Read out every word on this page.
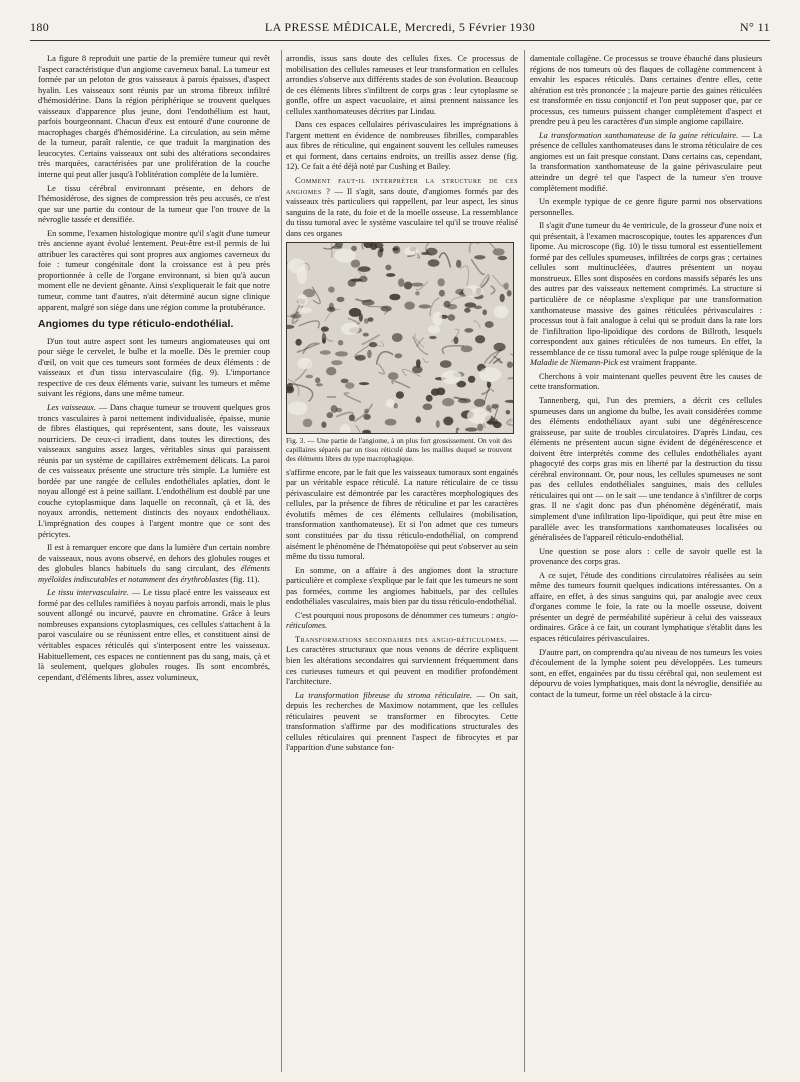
180	LA PRESSE MÉDICALE, Mercredi, 5 Février 1930	N° 11

La figure 8 reproduit une partie de la première tumeur qui revêt l'aspect caractéristique d'un angiome caverneux banal. La tumeur est formée par un peloton de gros vaisseaux à parois épaisses, d'aspect hyalin. Les vaisseaux sont réunis par un stroma fibreux infiltré d'hémosidérine. Dans la région périphérique se trouvent quelques vaisseaux d'apparence plus jeune, dont l'endothélium est haut, parfois bourgeonnant. Chacun d'eux est entouré d'une couronne de macrophages chargés d'hémosidérine. La circulation, au sein même de la tumeur, paraît ralentie, ce que traduit la margination des leucocytes. Certains vaisseaux ont subi des altérations secondaires très marquées, caractérisées par une prolifération de la couche interne qui peut aller jusqu'à l'oblitération complète de la lumière.

Le tissu cérébral environnant présente, en dehors de l'hémosidérose, des signes de compression très peu accusés, ce n'est que sur une partie du contour de la tumeur que l'on trouve de la névroglie tassée et densifiée.

En somme, l'examen histologique montre qu'il s'agit d'une tumeur très ancienne ayant évolué lentement. Peut-être est-il permis de lui attribuer les caractères qui sont propres aux angiomes caverneux du foie : tumeur congénitale dont la croissance est à peu près proportionnée à celle de l'organe environnant, si bien qu'à aucun moment elle ne devient gênante. Ainsi s'expliquerait le fait que notre tumeur, comme tant d'autres, n'ait déterminé aucun signe clinique apparent, malgré son siège dans une région comme la protubérance.

Angiomes du type réticulo-endothélial.

D'un tout autre aspect sont les tumeurs angiomateuses qui ont pour siège le cervelet, le bulbe et la moelle. Dès le premier coup d'œil, on voit que ces tumeurs sont formées de deux éléments : de vaisseaux et d'un tissu intervasculaire (fig. 9). L'importance respective de ces deux éléments varie, suivant les tumeurs et même suivant les régions, dans une même tumeur.

Les vaisseaux. — Dans chaque tumeur se trouvent quelques gros troncs vasculaires à paroi nettement individualisée, épaisse, munie de fibres élastiques, qui représentent, sans doute, les vaisseaux nourriciers. De ceux-ci irradient, dans toutes les directions, des vaisseaux sanguins assez larges, véritables sinus qui paraissent réunis par un système de capillaires extrêmement délicats. La paroi de ces vaisseaux présente une structure très simple. La lumière est bordée par une rangée de cellules endothéliales aplaties, dont le noyau allongé est à peine saillant. L'endothélium est doublé par une couche cytoplasmique dans laquelle on reconnaît, çà et là, des noyaux arrondis, nettement distincts des noyaux endothéliaux. L'imprégnation des coupes à l'argent montre que ce sont des péricytes.

Il est à remarquer encore que dans la lumière d'un certain nombre de vaisseaux, nous avons observé, en dehors des globules rouges et des globules blancs habituels du sang circulant, des éléments myéloïdes indiscutables et notamment des érythroblastes (fig. 11).

Le tissu intervasculaire. — Le tissu placé entre les vaisseaux est formé par des cellules ramifiées à noyau parfois arrondi, mais le plus souvent allongé ou incurvé, pauvre en chromatine. Grâce à leurs nombreuses expansions cytoplasmiques, ces cellules s'attachent à la paroi vasculaire ou se réunissent entre elles, et constituent ainsi de véritables espaces réticulés qui s'interposent entre les vaisseaux. Habituellement, ces espaces ne contiennent pas du sang, mais, çà et là seulement, quelques globules rouges. Ils sont encombrés, cependant, d'éléments libres, assez volumineux,

arrondis, issus sans doute des cellules fixes. Ce processus de mobilisation des cellules rameuses et leur transformation en cellules arrondies s'observe aux différents stades de son évolution. Beaucoup de ces éléments libres s'infiltrent de corps gras : leur cytoplasme se gonfle, offre un aspect vacuolaire, et ainsi prennent naissance les cellules xanthomateuses décrites par Lindau.

Dans ces espaces cellulaires périvasculaires les imprégnations à l'argent mettent en évidence de nombreuses fibrilles, comparables aux fibres de réticuline, qui engainent souvent les cellules rameuses et qui forment, dans certains endroits, un treillis assez dense (fig. 12). Ce fait a été déjà noté par Cushing et Bailey.

Comment faut-il interpréter la structure de ces angiomes ? — Il s'agit, sans doute, d'angiomes formés par des vaisseaux très particuliers qui rappellent, par leur aspect, les sinus sanguins de la rate, du foie et de la moelle osseuse. La ressemblance du tissu tumoral avec le système vasculaire tel qu'il se trouve réalisé dans ces organes

Fig. 3. — Une partie de l'angiome, à un plus fort grossissement. On voit des capillaires séparés par un tissu réticulé dans les mailles duquel se trouvent des éléments libres du type macrophagique.

s'affirme encore, par le fait que les vaisseaux tumoraux sont engainés par un véritable espace réticulé. La nature réticulaire de ce tissu périvasculaire est démontrée par les caractères morphologiques des cellules, par la présence de fibres de réticuline et par les caractères évolutifs mêmes de ces éléments cellulaires (mobilisation, transformation xanthomateuse). Et si l'on admet que ces tumeurs sont constituées par du tissu réticulo-endothélial, on comprend aisément le phénomène de l'hématopoïèse qui peut s'observer au sein même du tissu tumoral.

En somme, on a affaire à des angiomes dont la structure particulière et complexe s'explique par le fait que les tumeurs ne sont pas formées, comme les angiomes habituels, par des cellules endothéliales vasculaires, mais bien par du tissu réticulo-endothélial.

C'est pourquoi nous proposons de dénommer ces tumeurs : angio-réticulomes.

Transformations secondaires des angio-réticulomes. — Les caractères structuraux que nous venons de décrire expliquent bien les altérations secondaires qui surviennent fréquemment dans ces curieuses tumeurs et qui peuvent en modifier profondément l'architecture.

La transformation fibreuse du stroma réticulaire. — On sait, depuis les recherches de Maximow notamment, que les cellules réticulaires peuvent se transformer en fibrocytes. Cette transformation s'affirme par des modifications structurales des cellules réticulaires qui prennent l'aspect de fibrocytes et par l'apparition d'une substance fon-

damentale collagène. Ce processus se trouve ébauché dans plusieurs régions de nos tumeurs où des flaques de collagène commencent à envahir les espaces réticulés. Dans certaines d'entre elles, cette altération est très prononcée ; la majeure partie des gaines réticulées est transformée en tissu conjonctif et l'on peut supposer que, par ce processus, ces tumeurs puissent changer complètement d'aspect et prendre peu à peu les caractères d'un simple angiome capillaire.

La transformation xanthomateuse de la gaine réticulaire. — La présence de cellules xanthomateuses dans le stroma réticulaire de ces angiomes est un fait presque constant. Dans certains cas, cependant, la transformation xanthomateuse de la gaine périvasculaire peut atteindre un degré tel que l'aspect de la tumeur s'en trouve complètement modifié.

Un exemple typique de ce genre figure parmi nos observations personnelles.

Il s'agit d'une tumeur du 4e ventricule, de la grosseur d'une noix et qui présentait, à l'examen macroscopique, toutes les apparences d'un lipome. Au microscope (fig. 10) le tissu tumoral est essentiellement formé par des cellules spumeuses, infiltrées de corps gras ; certaines cellules sont multinucléées, d'autres présentent un noyau monstrueux. Elles sont disposées en cordons massifs séparés les uns des autres par des vaisseaux nettement comprimés. La structure si particulière de ce néoplasme s'explique par une transformation xanthomateuse massive des gaines réticulées périvasculaires : processus tout à fait analogue à celui qui se produit dans la rate lors de l'infiltration lipo-lipoïdique des cordons de Billroth, lesquels correspondent aux gaines réticulées de nos tumeurs. En effet, la ressemblance de ce tissu tumoral avec la pulpe rouge splénique de la Maladie de Niemann-Pick est vraiment frappante.

Cherchons à voir maintenant quelles peuvent être les causes de cette transformation.

Tannenberg, qui, l'un des premiers, a décrit ces cellules spumeuses dans un angiome du bulbe, les avait considérées comme des éléments endothéliaux ayant subi une dégénérescence graisseuse, par suite de troubles circulatoires. D'après Lindau, ces éléments ne présentent aucun signe évident de dégénérescence et doivent être interprétés comme des cellules endothéliales ayant phagocyté des corps gras mis en liberté par la destruction du tissu cérébral environnant. Or, pour nous, les cellules spumeuses ne sont pas des cellules endothéliales sanguines, mais des cellules réticulaires qui ont — on le sait — une tendance à s'infiltrer de corps gras. Il ne s'agit donc pas d'un phénomène dégénératif, mais simplement d'une infiltration lipo-lipoïdique, qui peut être mise en parallèle avec les transformations xanthomateuses localisées ou généralisées de l'appareil réticulo-endothélial.

Une question se pose alors : celle de savoir quelle est la provenance des corps gras.

A ce sujet, l'étude des conditions circulatoires réalisées au sein même des tumeurs fournit quelques indications intéressantes. On a affaire, en effet, à des sinus sanguins qui, par analogie avec ceux d'organes comme le foie, la rate ou la moelle osseuse, doivent présenter un degré de perméabilité supérieur à celui des vaisseaux ordinaires. Grâce à ce fait, un courant lymphatique s'établit dans les espaces réticulaires périvasculaires.

D'autre part, on comprendra qu'au niveau de nos tumeurs les voies d'écoulement de la lymphe soient peu développées. Les tumeurs sont, en effet, engainées par du tissu cérébral qui, non seulement est dépourvu de voies lymphatiques, mais dont la névroglie, densifiée au contact de la tumeur, forme un réel obstacle à la circu-
